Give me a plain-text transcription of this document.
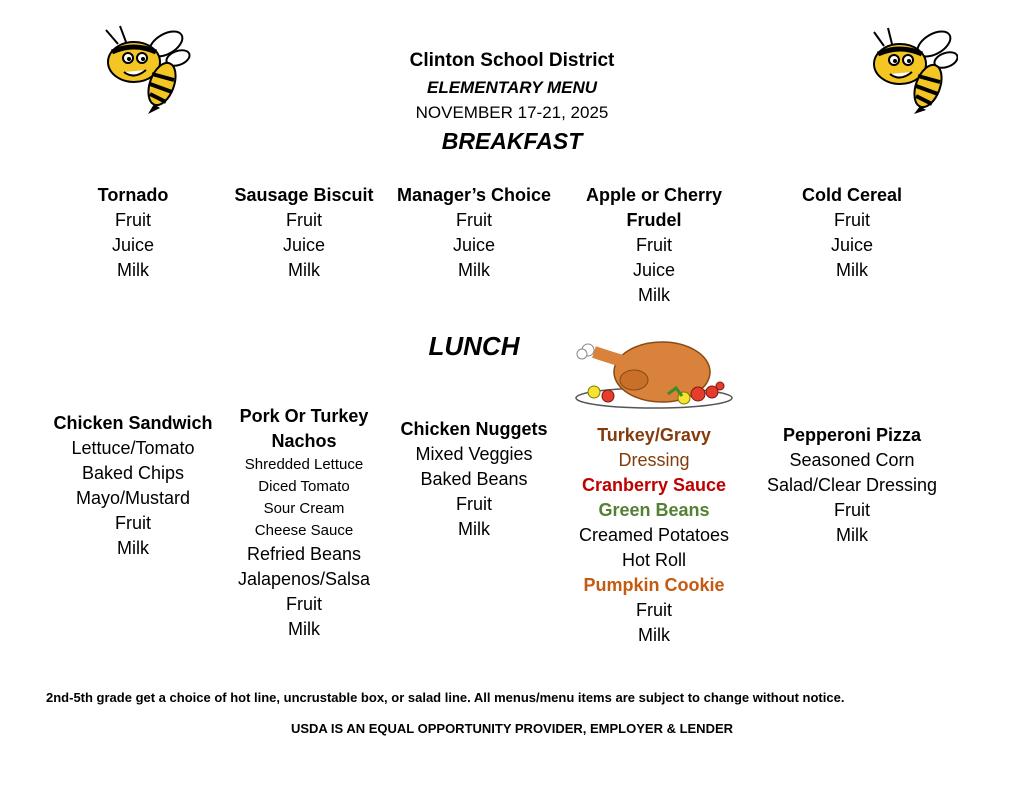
Clinton School District
ELEMENTARY MENU
NOVEMBER 17-21, 2025
BREAKFAST
Tornado
Fruit
Juice
Milk
Sausage Biscuit
Fruit
Juice
Milk
Manager’s Choice
Fruit
Juice
Milk
Apple or Cherry
Frudel
Fruit
Juice
Milk
Cold Cereal
Fruit
Juice
Milk
LUNCH
Chicken Sandwich
Lettuce/Tomato
Baked Chips
Mayo/Mustard
Fruit
Milk
Pork Or Turkey
Nachos
Shredded Lettuce
Diced Tomato
Sour Cream
Cheese Sauce
Refried Beans
Jalapenos/Salsa
Fruit
Milk
Chicken Nuggets
Mixed Veggies
Baked Beans
Fruit
Milk
Turkey/Gravy
Dressing
Cranberry Sauce
Green Beans
Creamed Potatoes
Hot Roll
Pumpkin Cookie
Fruit
Milk
Pepperoni Pizza
Seasoned Corn
Salad/Clear Dressing
Fruit
Milk
2nd-5th grade get a choice of hot line, uncrustable box, or salad line. All menus/menu items are subject to change without notice.
USDA IS AN EQUAL OPPORTUNITY PROVIDER, EMPLOYER & LENDER
